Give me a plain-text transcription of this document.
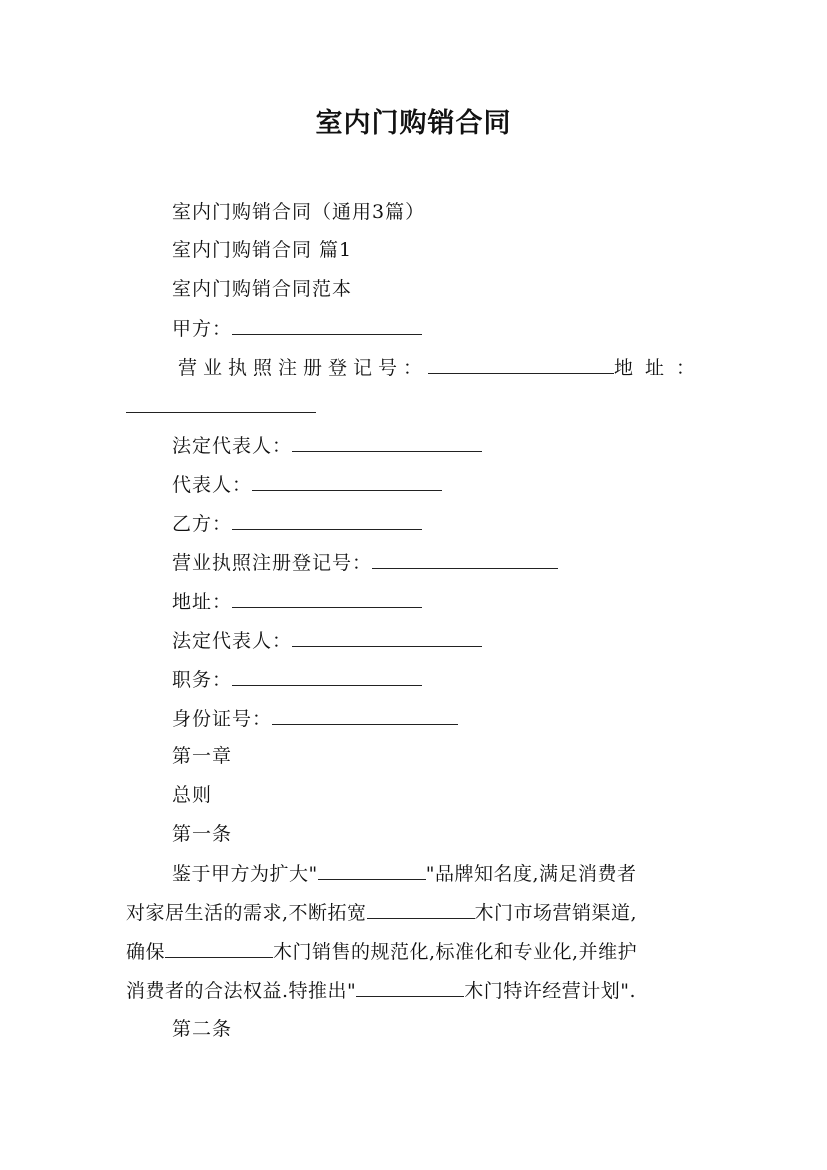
室内门购销合同
室内门购销合同（通用3篇）
室内门购销合同 篇1
室内门购销合同范本
甲方：
营业执照注册登记号：	地址：
法定代表人：
代表人：
乙方：
营业执照注册登记号：
地址：
法定代表人：
职务：
身份证号：
第一章
总则
第一条
鉴于甲方为扩大"	"品牌知名度,满足消费者
对家居生活的需求,不断拓宽	木门市场营销渠道,
确保	木门销售的规范化,标准化和专业化,并维护
消费者的合法权益.特推出"	木门特许经营计划".
第二条
